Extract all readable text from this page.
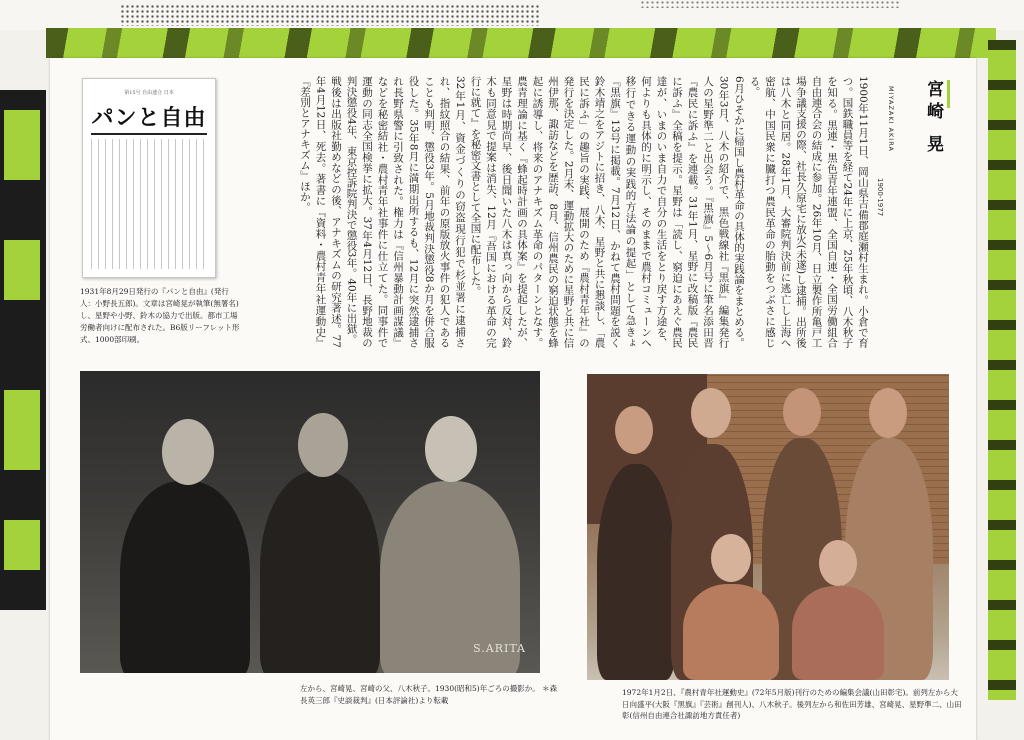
第15号 自由連合 日本
パンと自由
1931年8月29日発行の『パンと自由』(発行人：小野長五郎)。文章は宮崎晃が執筆(無署名)し、星野や小野、鈴木の協力で出版。都市工場労働者向けに配布された。B6版リーフレット形式、1000部印刷。
宮崎 晃
MIYAZAKI AKIRA
1900-1977

1900年11月1日、岡山県吉備郡庭瀬村生まれ。小倉で育つ。国鉄職員等を経て24年に上京、25年秋頃、八木秋子を知る。黒連・黒色青年連盟、全国自連・全国労働組合自由連合会の結成に参加。26年10月、日立製作所亀戸工場争議支援の際、社長久原宅に放火(未遂)し逮捕。出所後は八木と同居。28年1月、大審院判決前に逃亡し上海へ密航、中国民衆に臓打つ農民革命の胎動をつぶさに感じる。

6月ひそかに帰国し農村革命の具体的実践論をまとめる。30年3月、八木の紹介で、黒色戦線社『黒旗』編集発行人の星野準二と出会う。『黒旗』5〜6月号に筆名添田晋『農民に訴ふ』を連載。31年1月、星野に改稿版『農民に訴ふ』全稿を提示。星野は「読し、窮迫にあえぐ農民達が、いまのいま自力で自分の生活をとり戻す方途を、何よりも具体的に明示し、そのままで農村コミューンへ移行できる運動の実践的方法論の提起」として急きょ『黒旗』13号に掲載。7月12日、かねて農村問題を説く鈴木靖之をアジトに招き、八木、星野と共に懇談し、「農民に訴ふ」の趣旨の実践、展開のため『農村青年社』の発行を決定した。2月末、運動拡大のために星野と共に信州伊那、諏訪などを歴訪、8月、信州農民の窮迫状態を蜂起に誘導し、将来のアナキズム革命のパターンとなす。農青理論に基く『蜂起時計画の具体案』を提起したが、星野は時期尚早、後日聞いた八木は真っ向から反対、鈴木も同意見で提案は消失、12月『吾国における革命の完行に就て』を秘密文書として全国に配布した。

32年1月、資金づくりの窃盗現行犯で杉並署に逮捕され、指紋照合の結果、前年の原版放火事件の犯人であることも判明、懲役3年。5月地裁判決懲役8か月を併合服役した。35年8月に満期出所するも、12月に突然逮捕され長野県警に引致された。権力は『信州暴動計画謀議』などを秘密結社・農村青年社事件に仕立てた。同事件で運動の同志全国検挙に拡大。37年4月12日、長野地裁の判決懲役4年、東京控訴院判決で懲役3年。40年に出獄。

戦後は出版社勤めなどの後、アナキズムの研究著述。77年4月12日、死去。著書に『資料・農村青年社運動史』『差別とアナキズム』ほか。

S.ARITA
左から、宮崎晃、宮崎の父、八木秋子。1930(昭和5)年ごろの撮影か。 ＊森長英三郎『史談裁判』(日本評論社)より転載
1972年1月2日、『農村青年社運動史』(72年5月版)刊行のための編集会議(山田彰宅)。前列左から大日向盛平(大阪『黒旗』『芸術』創刊人)、八木秋子。後列左から和佐田芳雄、宮崎晃、星野準二、山田彰(信州自由連合社諏訪地方責任者)
